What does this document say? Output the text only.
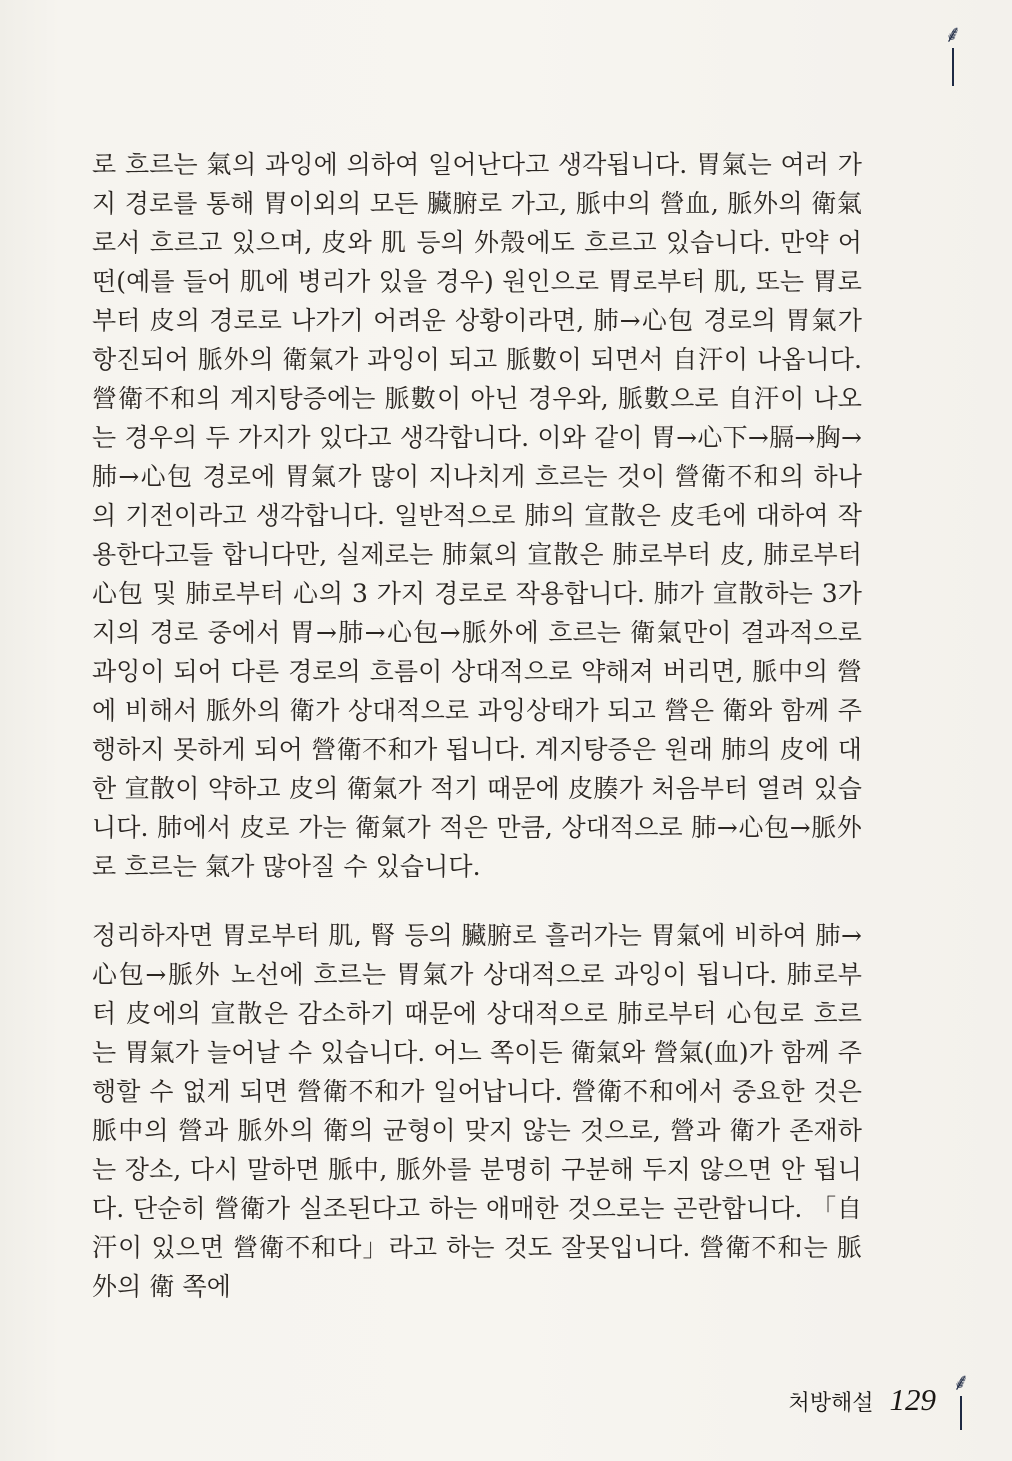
⸙

로 흐르는 氣의 과잉에 의하여 일어난다고 생각됩니다. 胃氣는 여러 가지 경로를 통해 胃이외의 모든 臟腑로 가고, 脈中의 營血, 脈外의 衛氣로서 흐르고 있으며, 皮와 肌 등의 外殼에도 흐르고 있습니다. 만약 어떤(예를 들어 肌에 병리가 있을 경우) 원인으로 胃로부터 肌, 또는 胃로부터 皮의 경로로 나가기 어려운 상황이라면, 肺→心包 경로의 胃氣가 항진되어 脈外의 衛氣가 과잉이 되고 脈數이 되면서 自汗이 나옵니다. 營衛不和의 계지탕증에는 脈數이 아닌 경우와, 脈數으로 自汗이 나오는 경우의 두 가지가 있다고 생각합니다. 이와 같이 胃→心下→膈→胸→肺→心包 경로에 胃氣가 많이 지나치게 흐르는 것이 營衛不和의 하나의 기전이라고 생각합니다. 일반적으로 肺의 宣散은 皮毛에 대하여 작용한다고들 합니다만, 실제로는 肺氣의 宣散은 肺로부터 皮, 肺로부터 心包 및 肺로부터 心의 3 가지 경로로 작용합니다. 肺가 宣散하는 3가지의 경로 중에서 胃→肺→心包→脈外에 흐르는 衛氣만이 결과적으로 과잉이 되어 다른 경로의 흐름이 상대적으로 약해져 버리면, 脈中의 營에 비해서 脈外의 衛가 상대적으로 과잉상태가 되고 營은 衛와 함께 주행하지 못하게 되어 營衛不和가 됩니다. 계지탕증은 원래 肺의 皮에 대한 宣散이 약하고 皮의 衛氣가 적기 때문에 皮腠가 처음부터 열려 있습니다. 肺에서 皮로 가는 衛氣가 적은 만큼, 상대적으로 肺→心包→脈外로 흐르는 氣가 많아질 수 있습니다.

정리하자면 胃로부터 肌, 腎 등의 臟腑로 흘러가는 胃氣에 비하여 肺→心包→脈外 노선에 흐르는 胃氣가 상대적으로 과잉이 됩니다. 肺로부터 皮에의 宣散은 감소하기 때문에 상대적으로 肺로부터 心包로 흐르는 胃氣가 늘어날 수 있습니다. 어느 쪽이든 衛氣와 營氣(血)가 함께 주행할 수 없게 되면 營衛不和가 일어납니다. 營衛不和에서 중요한 것은 脈中의 營과 脈外의 衛의 균형이 맞지 않는 것으로, 營과 衛가 존재하는 장소, 다시 말하면 脈中, 脈外를 분명히 구분해 두지 않으면 안 됩니다. 단순히 營衛가 실조된다고 하는 애매한 것으로는 곤란합니다. 「自汗이 있으면 營衛不和다」라고 하는 것도 잘못입니다. 營衛不和는 脈外의 衛 쪽에

처방해설 129 ⸙
